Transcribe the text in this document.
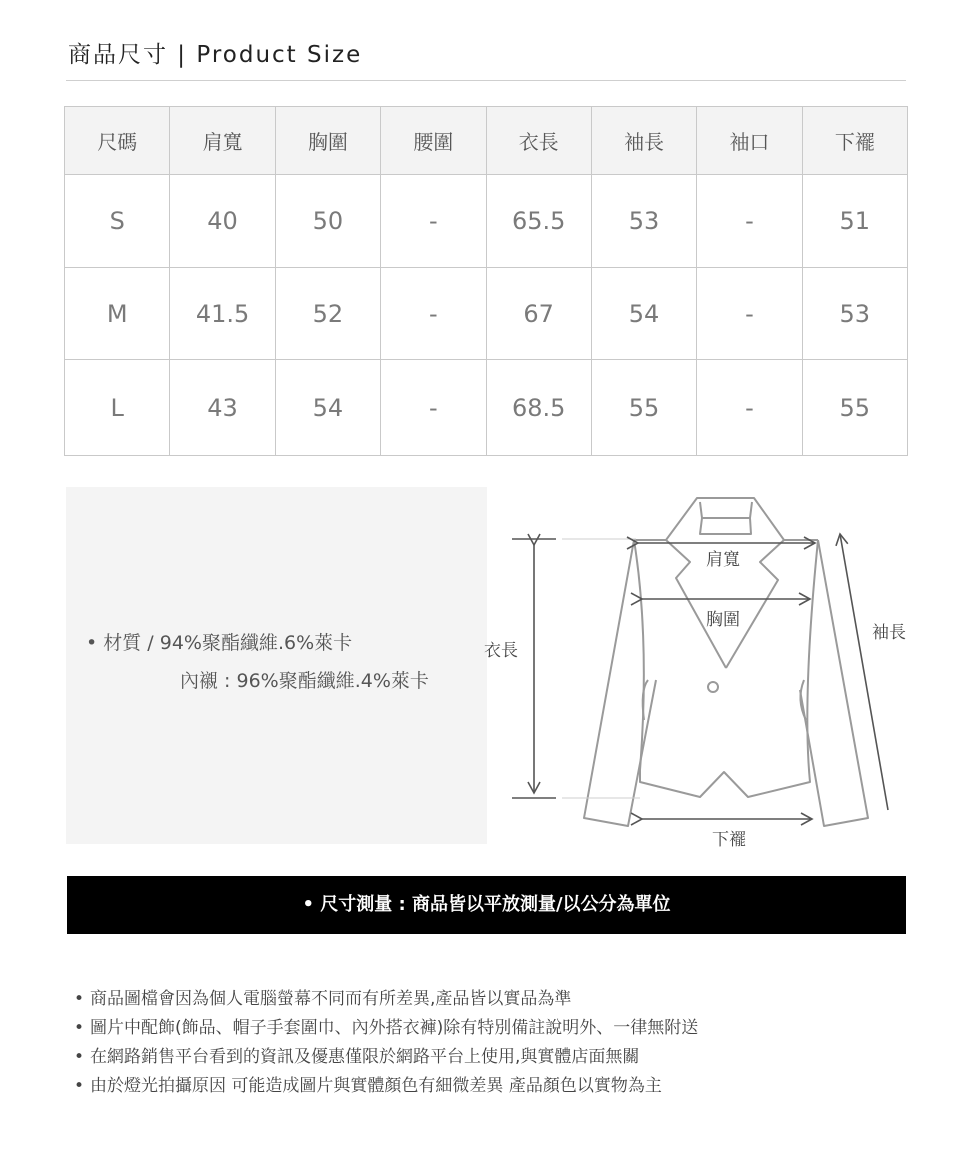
商品尺寸 | Product Size
尺碼	肩寬	胸圍	腰圍	衣長	袖長	袖口	下襬
S	40	50	-	65.5	53	-	51
M	41.5	52	-	67	54	-	53
L	43	54	-	68.5	55	-	55
• 材質 / 94%聚酯纖維.6%萊卡
內襯 : 96%聚酯纖維.4%萊卡
肩寬
胸圍
衣長
袖長
下襬
• 尺寸測量 : 商品皆以平放測量/以公分為單位
• 商品圖檔會因為個人電腦螢幕不同而有所差異,產品皆以實品為準
• 圖片中配飾(飾品、帽子手套圍巾、內外搭衣褲)除有特別備註說明外、一律無附送
• 在網路銷售平台看到的資訊及優惠僅限於網路平台上使用,與實體店面無關
• 由於燈光拍攝原因 可能造成圖片與實體顏色有細微差異 產品顏色以實物為主
